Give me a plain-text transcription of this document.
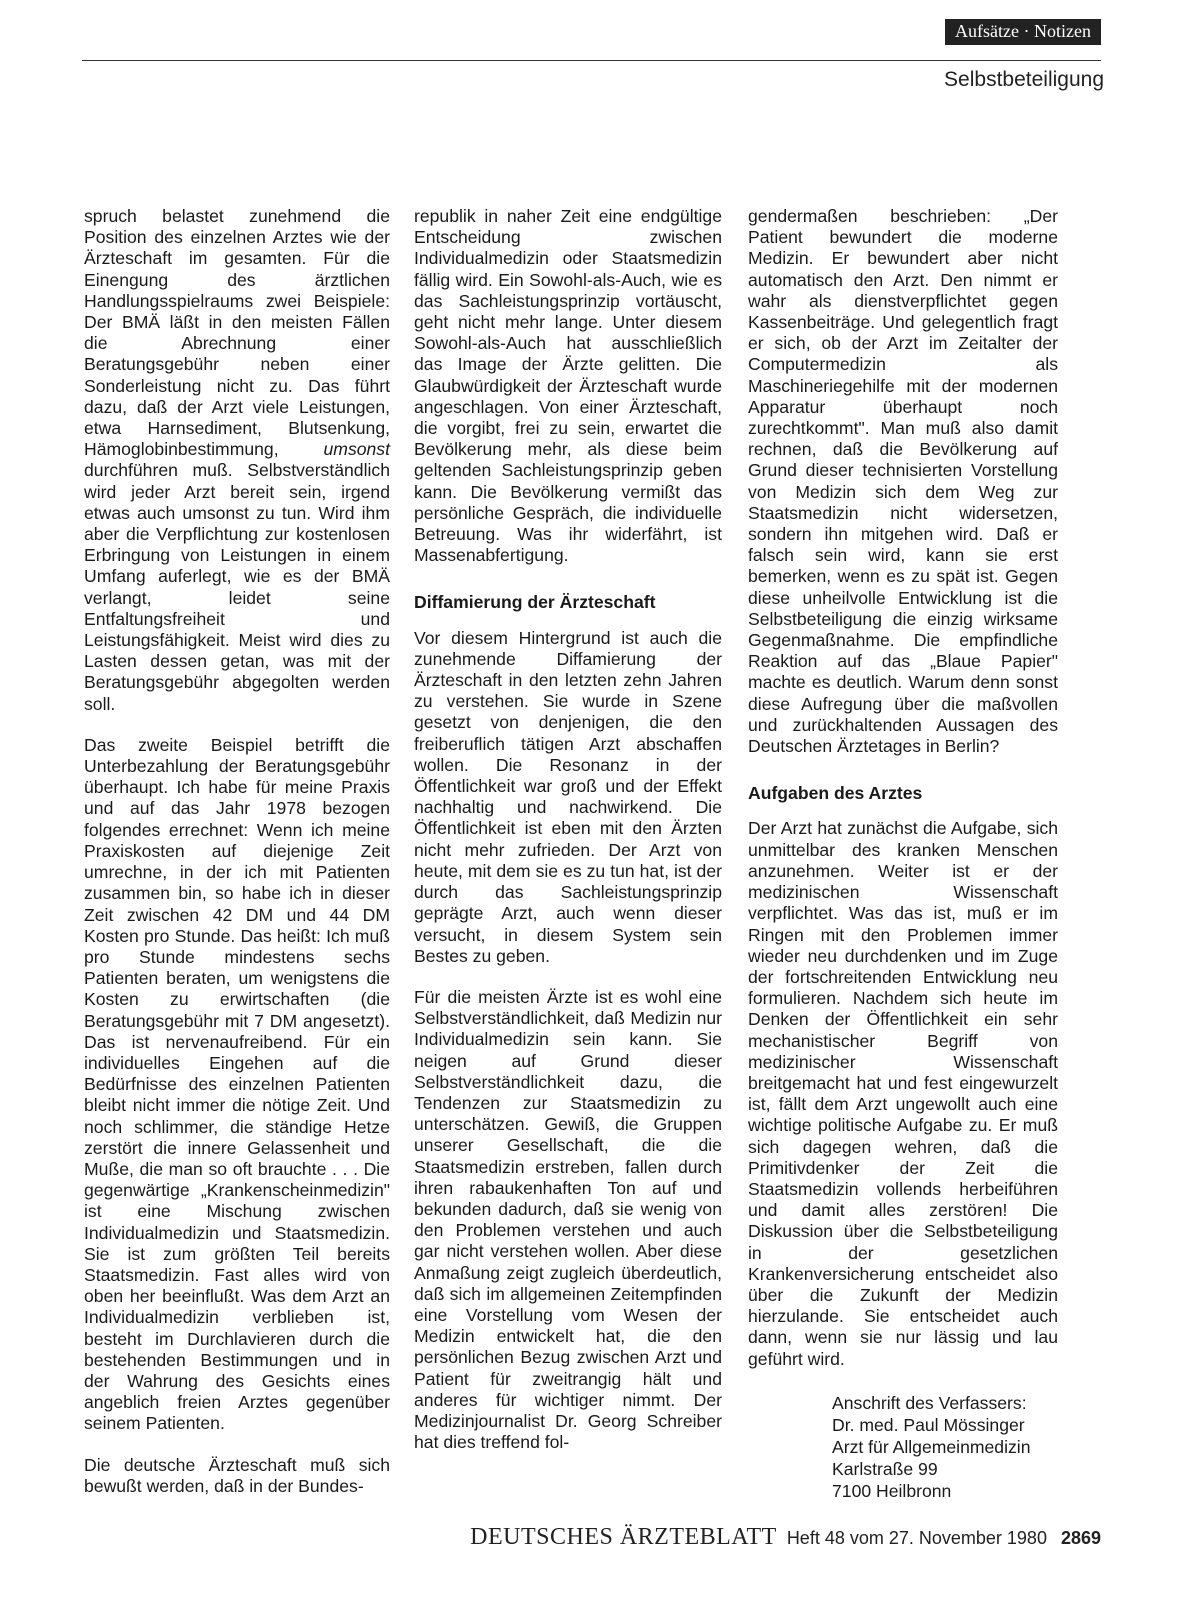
Aufsätze · Notizen
Selbstbeteiligung

spruch belastet zunehmend die Position des einzelnen Arztes wie der Ärzteschaft im gesamten. Für die Einengung des ärztlichen Handlungsspielraums zwei Beispiele: Der BMÄ läßt in den meisten Fällen die Abrechnung einer Beratungsgebühr neben einer Sonderleistung nicht zu. Das führt dazu, daß der Arzt viele Leistungen, etwa Harnsediment, Blutsenkung, Hämoglobinbestimmung,	umsonst durchführen muß. Selbstverständlich wird jeder Arzt bereit sein, irgend etwas auch umsonst zu tun. Wird ihm aber die Verpflichtung zur kostenlosen Erbringung von Leistungen in einem Umfang auferlegt, wie es der BMÄ verlangt, leidet seine Entfaltungsfreiheit und Leistungsfähigkeit. Meist wird dies zu Lasten dessen getan, was mit der Beratungsgebühr abgegolten werden soll.

Das zweite Beispiel betrifft die Unterbezahlung der Beratungsgebühr überhaupt. Ich habe für meine Praxis und auf das Jahr 1978 bezogen folgendes errechnet: Wenn ich meine Praxiskosten auf diejenige Zeit umrechne, in der ich mit Patienten zusammen bin, so habe ich in dieser Zeit zwischen 42 DM und 44 DM Kosten pro Stunde. Das heißt: Ich muß pro Stunde mindestens sechs Patienten beraten, um wenigstens die Kosten zu erwirtschaften (die Beratungsgebühr mit 7 DM angesetzt). Das ist nervenaufreibend. Für ein individuelles Eingehen auf die Bedürfnisse des einzelnen Patienten bleibt nicht immer die nötige Zeit. Und noch schlimmer, die ständige Hetze zerstört die innere Gelassenheit und Muße, die man so oft brauchte . . . Die gegenwärtige „Krankenscheinmedizin" ist eine Mischung zwischen Individualmedizin und Staatsmedizin. Sie ist zum größten Teil bereits Staatsmedizin. Fast alles wird von oben her beeinflußt. Was dem Arzt an Individualmedizin verblieben ist, besteht im Durchlavieren durch die bestehenden Bestimmungen und in der Wahrung des Gesichts eines angeblich freien Arztes gegenüber seinem Patienten.

Die deutsche Ärzteschaft muß sich bewußt werden, daß in der Bundes-

republik in naher Zeit eine endgültige Entscheidung zwischen Individualmedizin oder Staatsmedizin fällig wird. Ein Sowohl-als-Auch, wie es das Sachleistungsprinzip vortäuscht, geht nicht mehr lange. Unter diesem Sowohl-als-Auch hat ausschließlich das Image der Ärzte gelitten. Die Glaubwürdigkeit der Ärzteschaft wurde angeschlagen. Von einer Ärzteschaft, die vorgibt, frei zu sein, erwartet die Bevölkerung mehr, als diese beim geltenden Sachleistungsprinzip geben kann. Die Bevölkerung vermißt das persönliche Gespräch, die individuelle Betreuung. Was ihr widerfährt, ist Massenabfertigung.

Diffamierung der Ärzteschaft

Vor diesem Hintergrund ist auch die zunehmende Diffamierung der Ärzteschaft in den letzten zehn Jahren zu verstehen. Sie wurde in Szene gesetzt von denjenigen, die den freiberuflich tätigen Arzt abschaffen wollen. Die Resonanz in der Öffentlichkeit war groß und der Effekt nachhaltig und nachwirkend. Die Öffentlichkeit ist eben mit den Ärzten nicht mehr zufrieden. Der Arzt von heute, mit dem sie es zu tun hat, ist der durch das Sachleistungsprinzip geprägte Arzt, auch wenn dieser versucht, in diesem System sein Bestes zu geben.

Für die meisten Ärzte ist es wohl eine Selbstverständlichkeit, daß Medizin nur Individualmedizin sein kann. Sie neigen auf Grund dieser Selbstverständlichkeit dazu, die Tendenzen zur Staatsmedizin zu unterschätzen. Gewiß, die Gruppen unserer Gesellschaft, die die Staatsmedizin erstreben, fallen durch ihren rabaukenhaften Ton auf und bekunden dadurch, daß sie wenig von den Problemen verstehen und auch gar nicht verstehen wollen. Aber diese Anmaßung zeigt zugleich überdeutlich, daß sich im allgemeinen Zeitempfinden eine Vorstellung vom Wesen der Medizin entwickelt hat, die den persönlichen Bezug zwischen Arzt und Patient für zweitrangig hält und anderes für wichtiger nimmt. Der Medizinjournalist Dr. Georg Schreiber hat dies treffend fol-

gendermaßen beschrieben: „Der Patient bewundert die moderne Medizin. Er bewundert aber nicht automatisch den Arzt. Den nimmt er wahr als dienstverpflichtet gegen Kassenbeiträge. Und gelegentlich fragt er sich, ob der Arzt im Zeitalter der Computermedizin als Maschineriegehilfe mit der modernen Apparatur überhaupt noch zurechtkommt". Man muß also damit rechnen, daß die Bevölkerung auf Grund dieser technisierten Vorstellung von Medizin sich dem Weg zur Staatsmedizin nicht widersetzen, sondern ihn mitgehen wird. Daß er falsch sein wird, kann sie erst bemerken, wenn es zu spät ist. Gegen diese unheilvolle Entwicklung ist die Selbstbeteiligung die einzig wirksame Gegenmaßnahme. Die empfindliche Reaktion auf das „Blaue Papier" machte es deutlich. Warum denn sonst diese Aufregung über die maßvollen und zurückhaltenden Aussagen des Deutschen Ärztetages in Berlin?

Aufgaben des Arztes

Der Arzt hat zunächst die Aufgabe, sich unmittelbar des kranken Menschen anzunehmen. Weiter ist er der medizinischen Wissenschaft verpflichtet. Was das ist, muß er im Ringen mit den Problemen immer wieder neu durchdenken und im Zuge der fortschreitenden Entwicklung neu formulieren. Nachdem sich heute im Denken der Öffentlichkeit ein sehr mechanistischer Begriff von medizinischer Wissenschaft breitgemacht hat und fest eingewurzelt ist, fällt dem Arzt ungewollt auch eine wichtige politische Aufgabe zu. Er muß sich dagegen wehren, daß die Primitivdenker der Zeit die Staatsmedizin vollends herbeiführen und damit alles zerstören! Die Diskussion über die Selbstbeteiligung in der gesetzlichen Krankenversicherung entscheidet also über die Zukunft der Medizin hierzulande. Sie entscheidet auch dann, wenn sie nur lässig und lau geführt wird.

Anschrift des Verfassers:
Dr. med. Paul Mössinger
Arzt für Allgemeinmedizin
Karlstraße 99
7100 Heilbronn
DEUTSCHES ÄRZTEBLATT Heft 48 vom 27. November 1980 2869
